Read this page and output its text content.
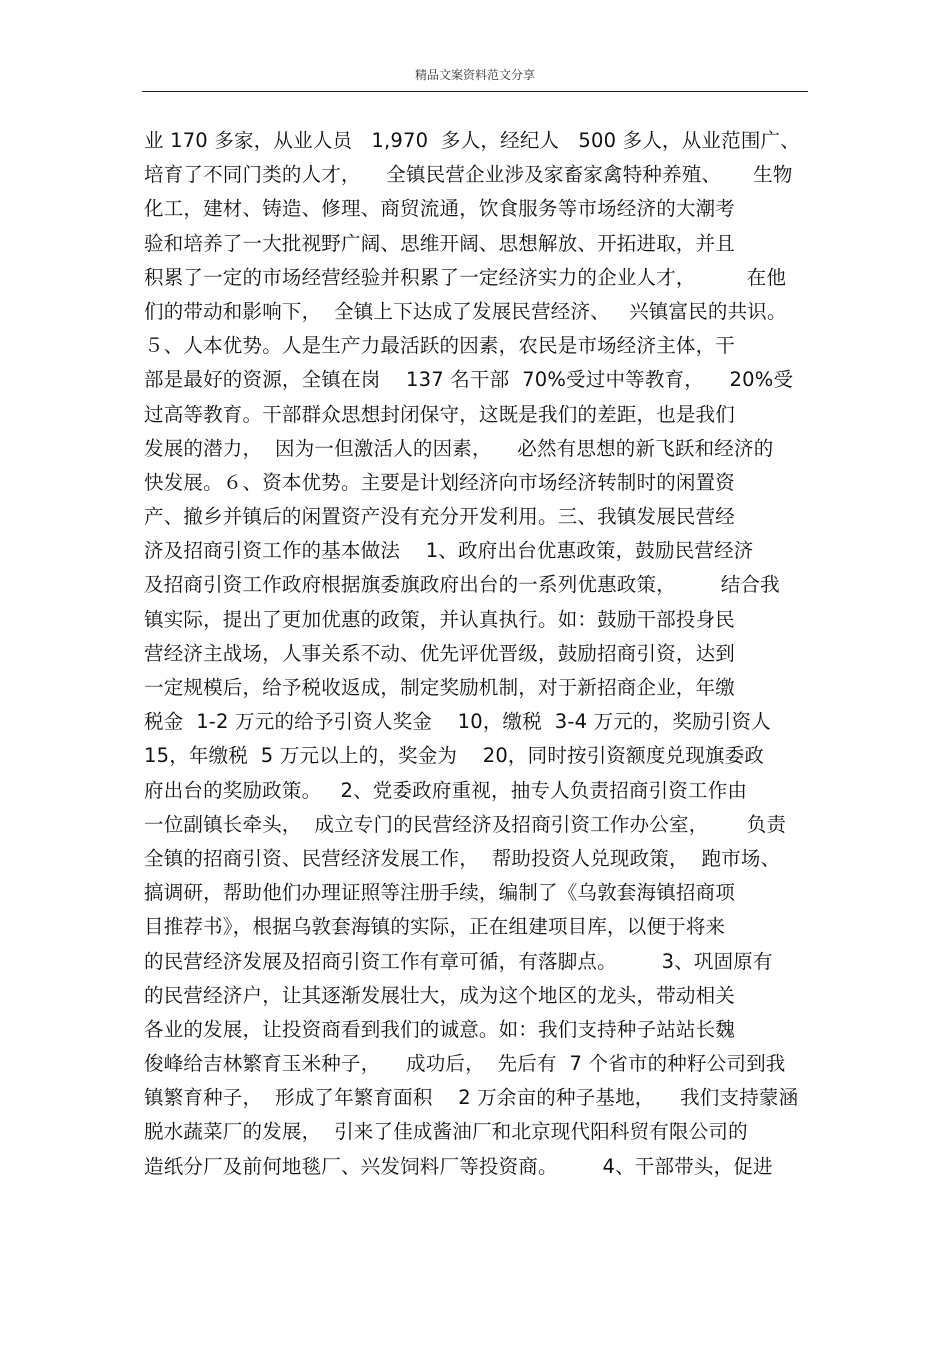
精品文案资料范文分享
业 170 多家，从业人员   1,970  多人，经纪人   500 多人，从业范围广、
培育了不同门类的人才，    全镇民营企业涉及家畜家禽特种养殖、     生物
化工，建材、铸造、修理、商贸流通，饮食服务等市场经济的大潮考
验和培养了一大批视野广阔、思维开阔、思想解放、开拓进取，并且
积累了一定的市场经营经验并积累了一定经济实力的企业人才，        在他
们的带动和影响下，  全镇上下达成了发展民营经济、   兴镇富民的共识。
５、人本优势。人是生产力最活跃的因素，农民是市场经济主体，干
部是最好的资源，全镇在岗    137 名干部  70%受过中等教育，    20%受
过高等教育。干部群众思想封闭保守，这既是我们的差距，也是我们
发展的潜力，  因为一但激活人的因素，    必然有思想的新飞跃和经济的
快发展。６、资本优势。主要是计划经济向市场经济转制时的闲置资
产、撤乡并镇后的闲置资产没有充分开发利用。三、我镇发展民营经
济及招商引资工作的基本做法    1、政府出台优惠政策，鼓励民营经济
及招商引资工作政府根据旗委旗政府出台的一系列优惠政策，       结合我
镇实际，提出了更加优惠的政策，并认真执行。如：鼓励干部投身民
营经济主战场，人事关系不动、优先评优晋级，鼓励招商引资，达到
一定规模后，给予税收返成，制定奖励机制，对于新招商企业，年缴
税金  1-2 万元的给予引资人奖金    10，缴税  3-4 万元的，奖励引资人
15，年缴税  5 万元以上的，奖金为    20，同时按引资额度兑现旗委政
府出台的奖励政策。   2、党委政府重视，抽专人负责招商引资工作由
一位副镇长牵头，  成立专门的民营经济及招商引资工作办公室，      负责
全镇的招商引资、民营经济发展工作，  帮助投资人兑现政策，  跑市场、
搞调研，帮助他们办理证照等注册手续，编制了《乌敦套海镇招商项
目推荐书》，根据乌敦套海镇的实际，正在组建项目库，以便于将来
的民营经济发展及招商引资工作有章可循，有落脚点。       3、巩固原有
的民营经济户，让其逐渐发展壮大，成为这个地区的龙头，带动相关
各业的发展，让投资商看到我们的诚意。如：我们支持种子站站长魏
俊峰给吉林繁育玉米种子，    成功后，  先后有  7 个省市的种籽公司到我
镇繁育种子，  形成了年繁育面积    2 万余亩的种子基地，    我们支持蒙涵
脱水蔬菜厂的发展，  引来了佳成酱油厂和北京现代阳科贸有限公司的
造纸分厂及前何地毯厂、兴发饲料厂等投资商。       4、干部带头，促进
